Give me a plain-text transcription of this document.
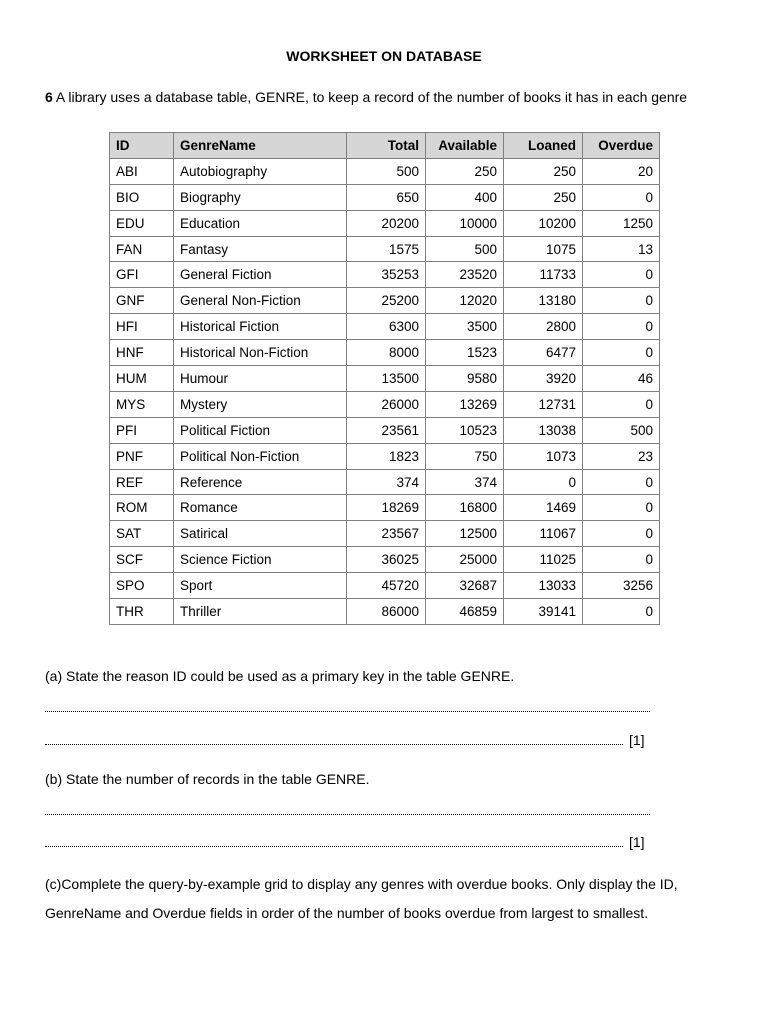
WORKSHEET ON DATABASE
6 A library uses a database table, GENRE, to keep a record of the number of books it has in each genre
ID	GenreName	Total	Available	Loaned	Overdue
ABI	Autobiography	500	250	250	20
BIO	Biography	650	400	250	0
EDU	Education	20200	10000	10200	1250
FAN	Fantasy	1575	500	1075	13
GFI	General Fiction	35253	23520	11733	0
GNF	General Non-Fiction	25200	12020	13180	0
HFI	Historical Fiction	6300	3500	2800	0
HNF	Historical Non-Fiction	8000	1523	6477	0
HUM	Humour	13500	9580	3920	46
MYS	Mystery	26000	13269	12731	0
PFI	Political Fiction	23561	10523	13038	500
PNF	Political Non-Fiction	1823	750	1073	23
REF	Reference	374	374	0	0
ROM	Romance	18269	16800	1469	0
SAT	Satirical	23567	12500	11067	0
SCF	Science Fiction	36025	25000	11025	0
SPO	Sport	45720	32687	13033	3256
THR	Thriller	86000	46859	39141	0
(a) State the reason ID could be used as a primary key in the table GENRE.
[1]
(b) State the number of records in the table GENRE.
[1]
(c)Complete the query-by-example grid to display any genres with overdue books. Only display the ID,
GenreName and Overdue fields in order of the number of books overdue from largest to smallest.
